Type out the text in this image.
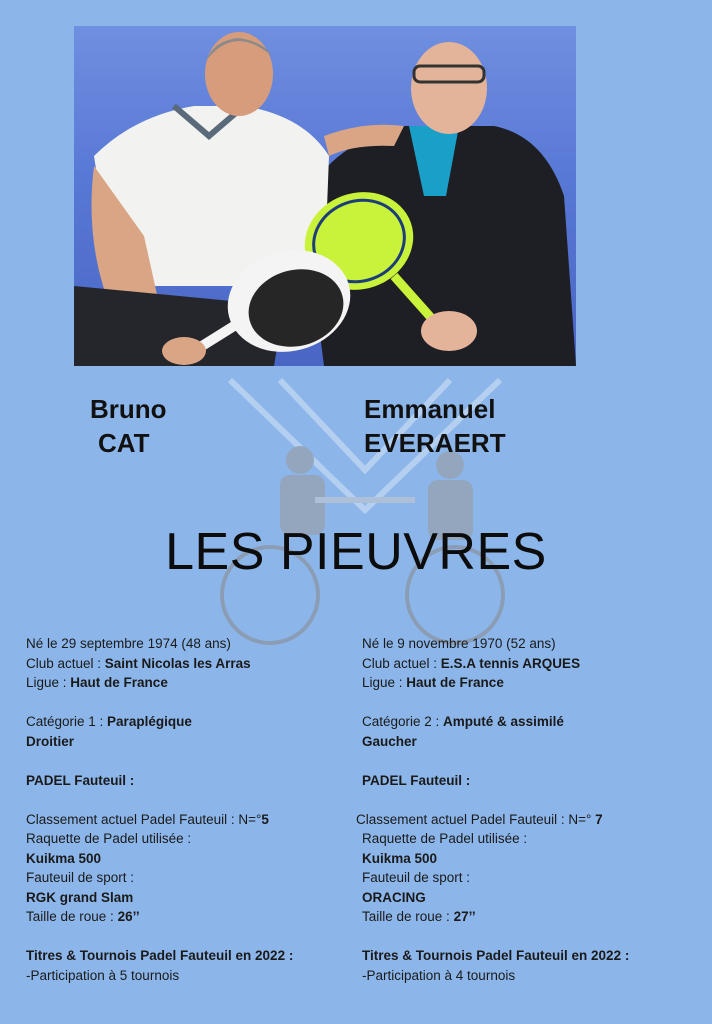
Bruno
CAT
Emmanuel
EVERAERT
LES PIEUVRES
Né le 29 septembre 1974 (48 ans)
Club actuel : Saint Nicolas les Arras
Ligue : Haut de France
Catégorie 1 : Paraplégique
Droitier
PADEL Fauteuil :
Classement actuel Padel Fauteuil : N=°5
Raquette de Padel utilisée :
Kuikma 500
Fauteuil de sport :
RGK grand Slam
Taille de roue : 26’’
Titres & Tournois Padel Fauteuil en 2022 :
-Participation à 5 tournois
Né le 9 novembre 1970 (52 ans)
Club actuel : E.S.A tennis ARQUES
Ligue : Haut de France
Catégorie 2 : Amputé & assimilé
Gaucher
PADEL Fauteuil :
Classement actuel Padel Fauteuil : N=° 7
Raquette de Padel utilisée :
Kuikma 500
Fauteuil de sport :
ORACING
Taille de roue : 27’’
Titres & Tournois Padel Fauteuil en 2022 :
-Participation à 4 tournois
